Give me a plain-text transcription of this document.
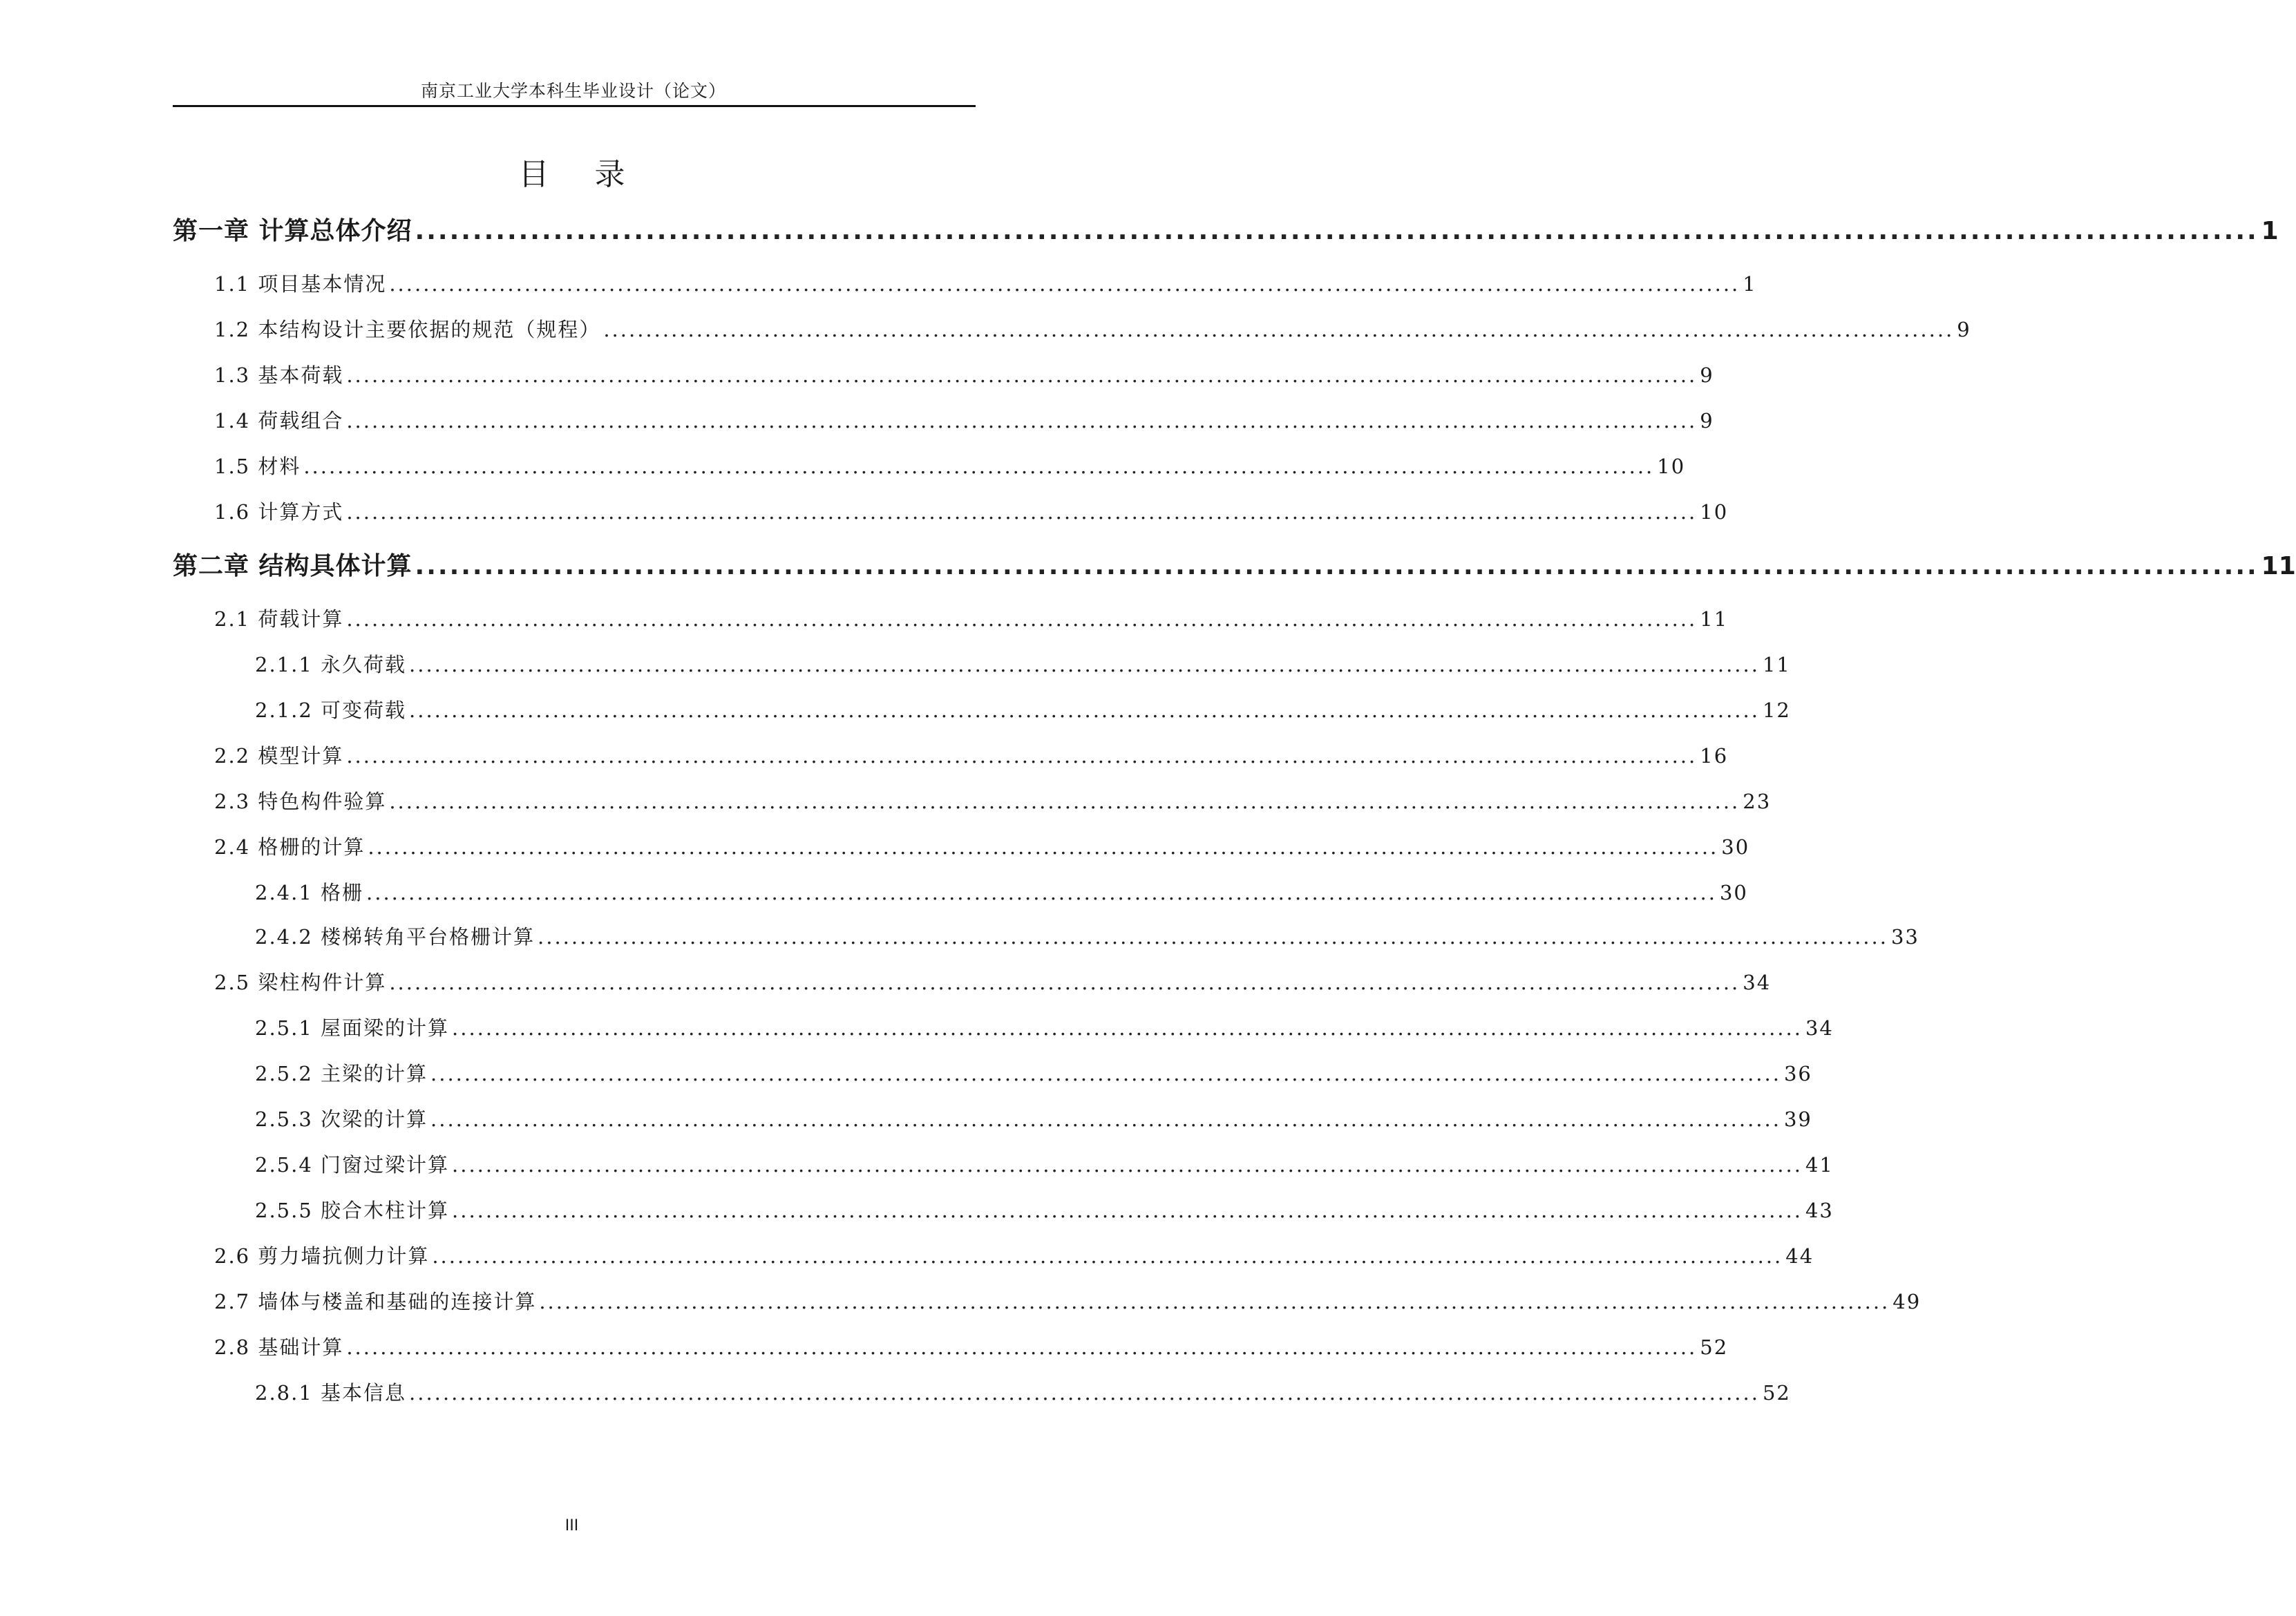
南京工业大学本科生毕业设计（论文）
目 录
第一章 计算总体介绍 ................................................................................................................................................................ 1
1.1 项目基本情况 ................................................................................................................................................................ 1
1.2 本结构设计主要依据的规范（规程） ................................................................................................................................................................ 9
1.3 基本荷载 ................................................................................................................................................................ 9
1.4 荷载组合 ................................................................................................................................................................ 9
1.5 材料 ................................................................................................................................................................ 10
1.6 计算方式 ................................................................................................................................................................ 10
第二章 结构具体计算 ................................................................................................................................................................ 11
2.1 荷载计算 ................................................................................................................................................................ 11
2.1.1 永久荷载 ................................................................................................................................................................ 11
2.1.2 可变荷载 ................................................................................................................................................................ 12
2.2 模型计算 ................................................................................................................................................................ 16
2.3 特色构件验算 ................................................................................................................................................................ 23
2.4 格栅的计算 ................................................................................................................................................................ 30
2.4.1 格栅 ................................................................................................................................................................ 30
2.4.2 楼梯转角平台格栅计算 ................................................................................................................................................................ 33
2.5 梁柱构件计算 ................................................................................................................................................................ 34
2.5.1 屋面梁的计算 ................................................................................................................................................................ 34
2.5.2 主梁的计算 ................................................................................................................................................................ 36
2.5.3 次梁的计算 ................................................................................................................................................................ 39
2.5.4 门窗过梁计算 ................................................................................................................................................................ 41
2.5.5 胶合木柱计算 ................................................................................................................................................................ 43
2.6 剪力墙抗侧力计算 ................................................................................................................................................................ 44
2.7 墙体与楼盖和基础的连接计算 ................................................................................................................................................................ 49
2.8 基础计算 ................................................................................................................................................................ 52
2.8.1 基本信息 ................................................................................................................................................................ 52
III
